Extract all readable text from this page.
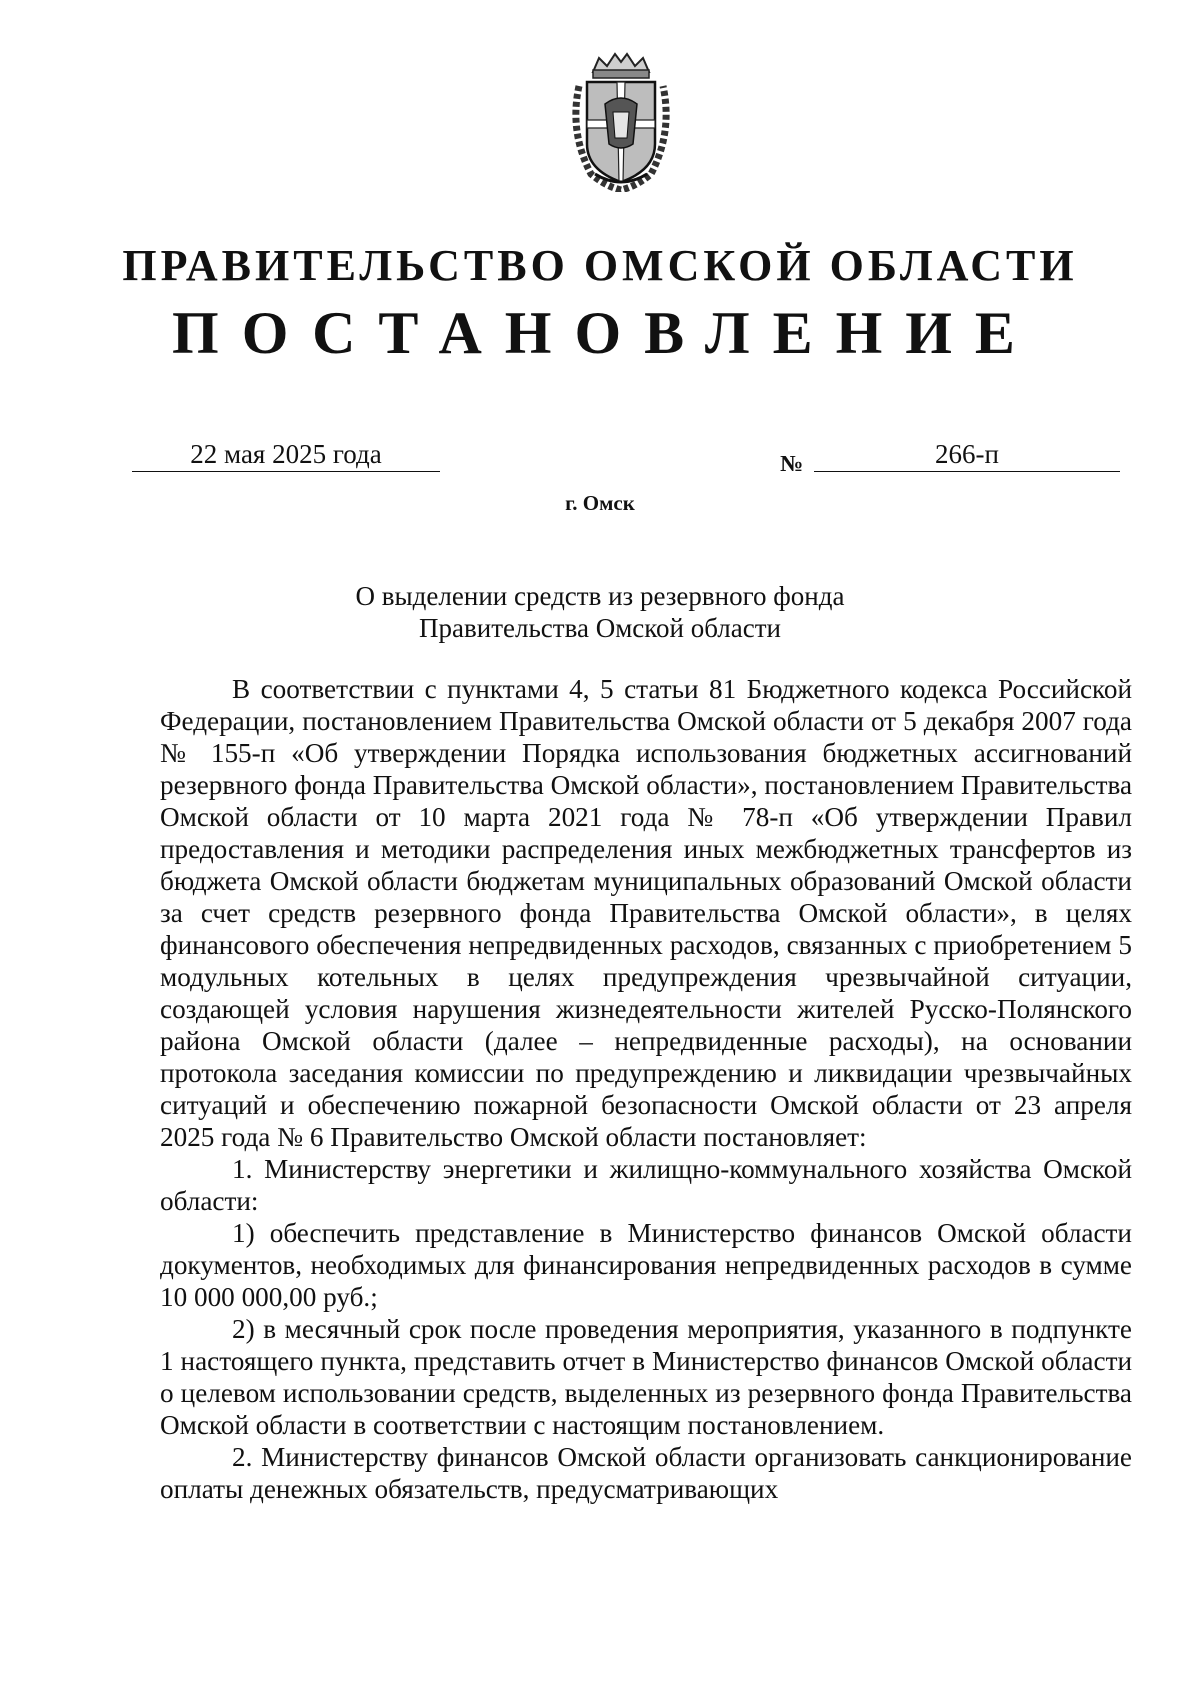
ПРАВИТЕЛЬСТВО ОМСКОЙ ОБЛАСТИ
ПОСТАНОВЛЕНИЕ
22 мая 2025 года	№	266-п
г. Омск
О выделении средств из резервного фонда
Правительства Омской области

В соответствии с пунктами 4, 5 статьи 81 Бюджетного кодекса Российской Федерации, постановлением Правительства Омской области от 5 декабря 2007 года № 155-п «Об утверждении Порядка использования бюджетных ассигнований резервного фонда Правительства Омской области», постановлением Правительства Омской области от 10 марта 2021 года № 78-п «Об утверждении Правил предоставления и методики распределения иных межбюджетных трансфертов из бюджета Омской области бюджетам муниципальных образований Омской области за счет средств резервного фонда Правительства Омской области», в целях финансового обеспечения непредвиденных расходов, связанных с приобретением 5 модульных котельных в целях предупреждения чрезвычайной ситуации, создающей условия нарушения жизнедеятельности жителей Русско-Полянского района Омской области (далее – непредвиденные расходы), на основании протокола заседания комиссии по предупреждению и ликвидации чрезвычайных ситуаций и обеспечению пожарной безопасности Омской области от 23 апреля 2025 года № 6 Правительство Омской области постановляет:

1. Министерству энергетики и жилищно-коммунального хозяйства Омской области:

1) обеспечить представление в Министерство финансов Омской области документов, необходимых для финансирования непредвиденных расходов в сумме 10 000 000,00 руб.;

2) в месячный срок после проведения мероприятия, указанного в подпункте 1 настоящего пункта, представить отчет в Министерство финансов Омской области о целевом использовании средств, выделенных из резервного фонда Правительства Омской области в соответствии с настоящим постановлением.

2. Министерству финансов Омской области организовать санкционирование оплаты денежных обязательств, предусматривающих
